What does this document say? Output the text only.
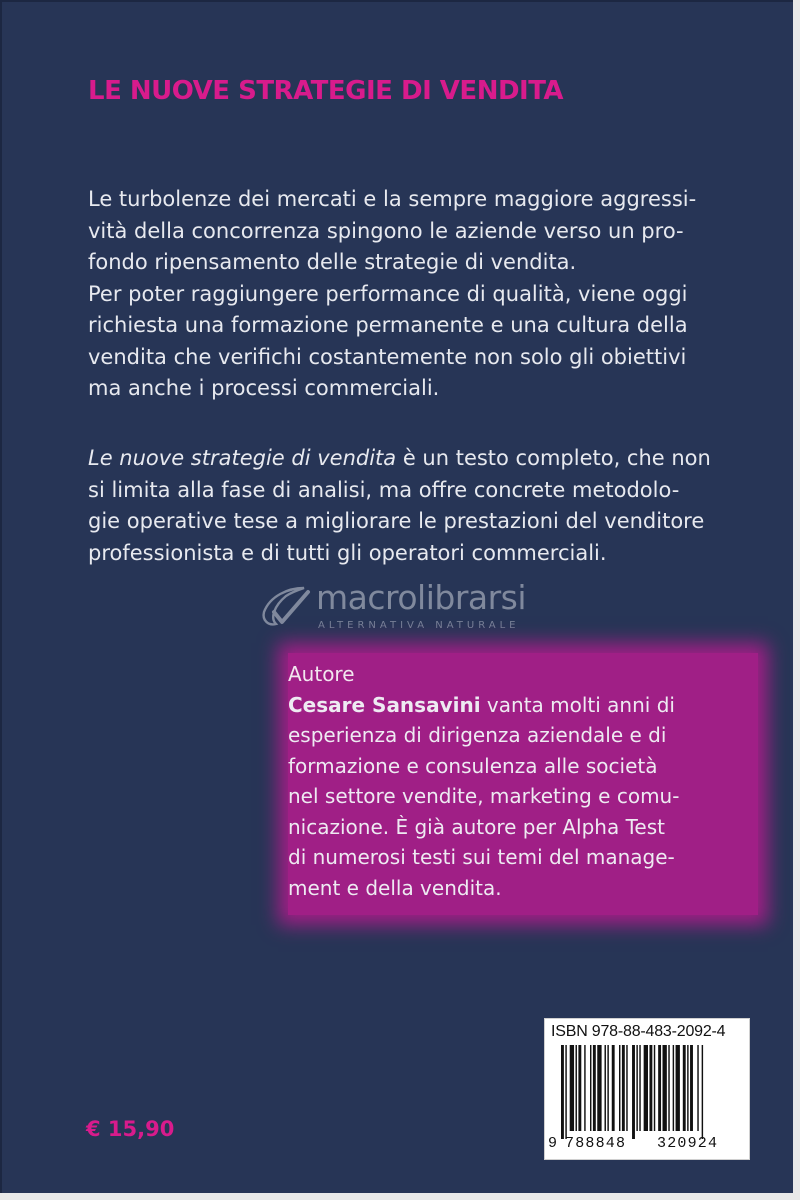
LE NUOVE STRATEGIE DI VENDITA
Le turbolenze dei mercati e la sempre maggiore aggressi-
vità della concorrenza spingono le aziende verso un pro-
fondo ripensamento delle strategie di vendita.
Per poter raggiungere performance di qualità, viene oggi
richiesta una formazione permanente e una cultura della
vendita che verifichi costantemente non solo gli obiettivi
ma anche i processi commerciali.
Le nuove strategie di vendita è un testo completo, che non
si limita alla fase di analisi, ma offre concrete metodolo-
gie operative tese a migliorare le prestazioni del venditore
professionista e di tutti gli operatori commerciali.
macrolibrarsi
ALTERNATIVA NATURALE
Autore
Cesare Sansavini vanta molti anni di
esperienza di dirigenza aziendale e di
formazione e consulenza alle società
nel settore vendite, marketing e comu-
nicazione. È già autore per Alpha Test
di numerosi testi sui temi del manage-
ment e della vendita.
ISBN 978-88-483-2092-4
9 788848 320924
€ 15,90
